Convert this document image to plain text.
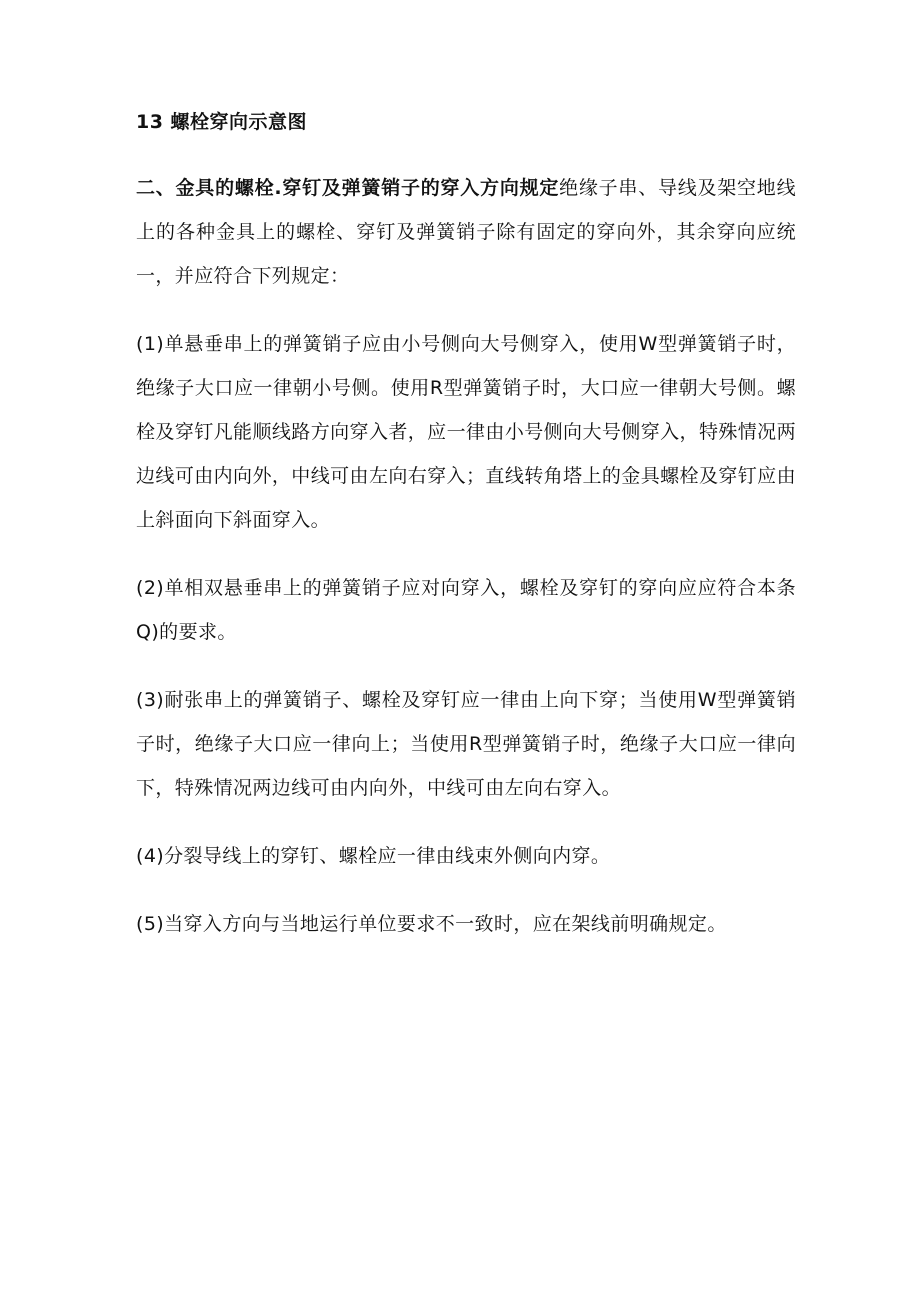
13 螺栓穿向示意图

二、金具的螺栓.穿钉及弹簧销子的穿入方向规定绝缘子串、导线及架空地线上的各种金具上的螺栓、穿钉及弹簧销子除有固定的穿向外，其余穿向应统一，并应符合下列规定：

(1)单悬垂串上的弹簧销子应由小号侧向大号侧穿入，使用W型弹簧销子时，绝缘子大口应一律朝小号侧。使用R型弹簧销子时，大口应一律朝大号侧。螺栓及穿钉凡能顺线路方向穿入者，应一律由小号侧向大号侧穿入，特殊情况两边线可由内向外，中线可由左向右穿入；直线转角塔上的金具螺栓及穿钉应由上斜面向下斜面穿入。

(2)单相双悬垂串上的弹簧销子应对向穿入，螺栓及穿钉的穿向应应符合本条Q)的要求。

(3)耐张串上的弹簧销子、螺栓及穿钉应一律由上向下穿；当使用W型弹簧销子时，绝缘子大口应一律向上；当使用R型弹簧销子时，绝缘子大口应一律向下，特殊情况两边线可由内向外，中线可由左向右穿入。

(4)分裂导线上的穿钉、螺栓应一律由线束外侧向内穿。

(5)当穿入方向与当地运行单位要求不一致时，应在架线前明确规定。
